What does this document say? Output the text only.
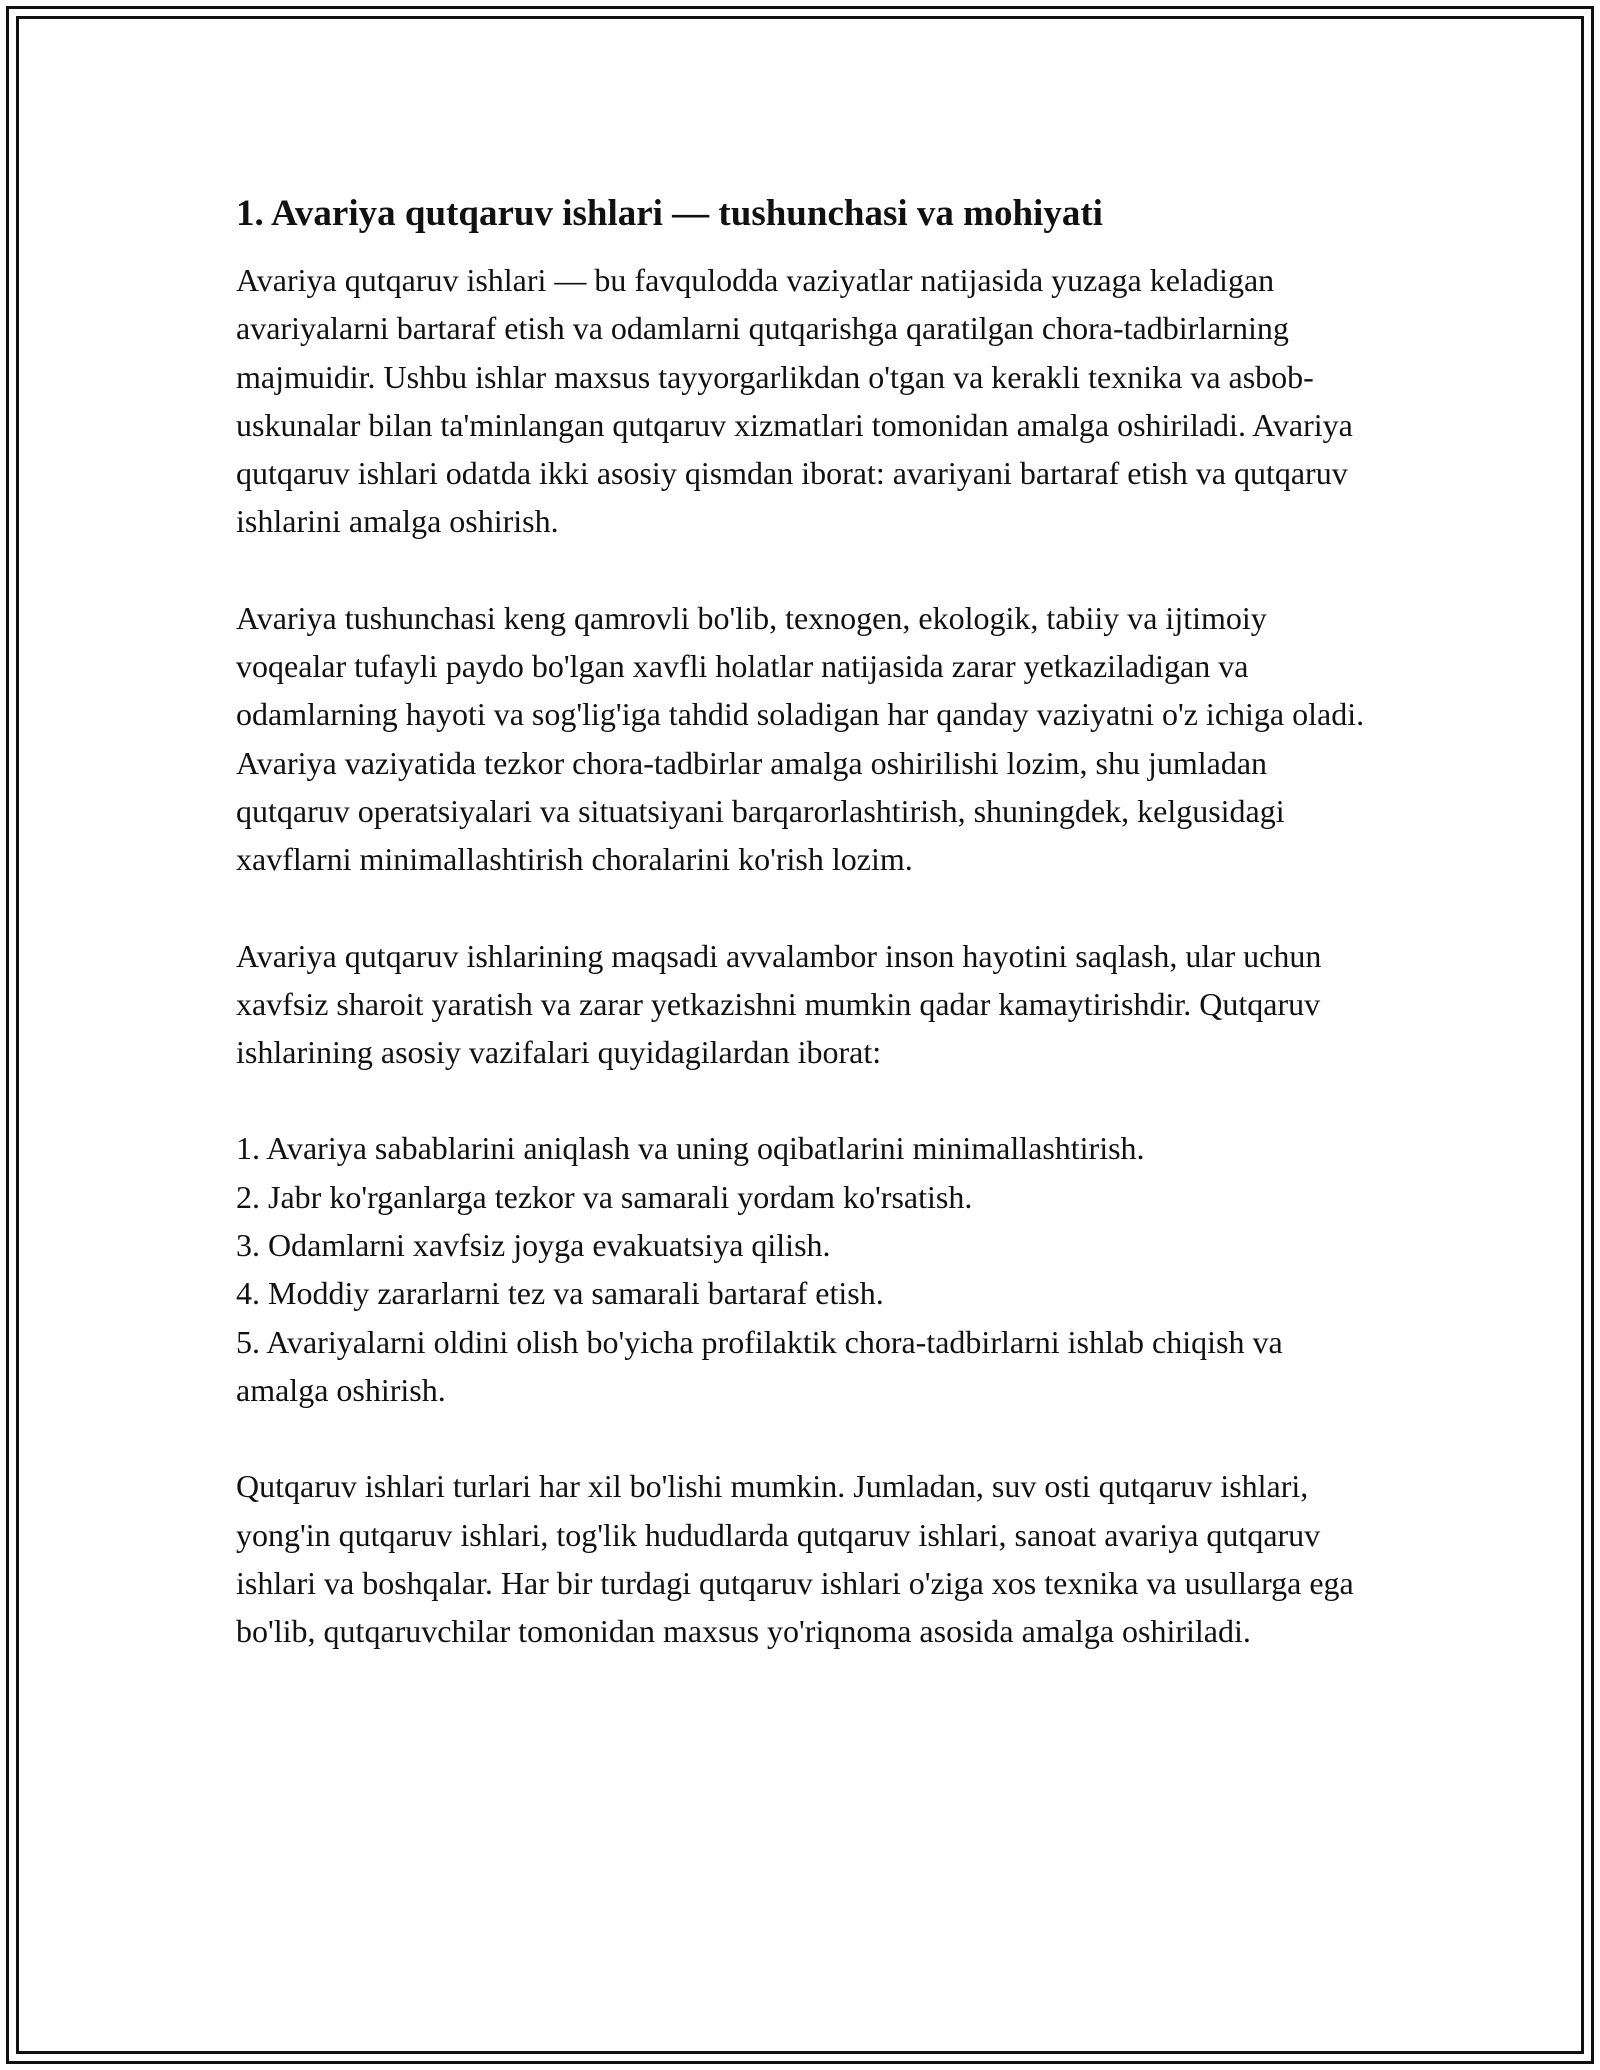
1. Avariya qutqaruv ishlari — tushunchasi va mohiyati

Avariya qutqaruv ishlari — bu favqulodda vaziyatlar natijasida yuzaga keladigan avariyalarni bartaraf etish va odamlarni qutqarishga qaratilgan chora-tadbirlarning majmuidir. Ushbu ishlar maxsus tayyorgarlikdan o'tgan va kerakli texnika va asbob-uskunalar bilan ta'minlangan qutqaruv xizmatlari tomonidan amalga oshiriladi. Avariya qutqaruv ishlari odatda ikki asosiy qismdan iborat: avariyani bartaraf etish va qutqaruv ishlarini amalga oshirish.

Avariya tushunchasi keng qamrovli bo'lib, texnogen, ekologik, tabiiy va ijtimoiy voqealar tufayli paydo bo'lgan xavfli holatlar natijasida zarar yetkaziladigan va odamlarning hayoti va sog'lig'iga tahdid soladigan har qanday vaziyatni o'z ichiga oladi. Avariya vaziyatida tezkor chora-tadbirlar amalga oshirilishi lozim, shu jumladan qutqaruv operatsiyalari va situatsiyani barqarorlashtirish, shuningdek, kelgusidagi xavflarni minimallashtirish choralarini ko'rish lozim.

Avariya qutqaruv ishlarining maqsadi avvalambor inson hayotini saqlash, ular uchun xavfsiz sharoit yaratish va zarar yetkazishni mumkin qadar kamaytirishdir. Qutqaruv ishlarining asosiy vazifalari quyidagilardan iborat:

1. Avariya sabablarini aniqlash va uning oqibatlarini minimallashtirish.
2. Jabr ko'rganlarga tezkor va samarali yordam ko'rsatish.
3. Odamlarni xavfsiz joyga evakuatsiya qilish.
4. Moddiy zararlarni tez va samarali bartaraf etish.
5. Avariyalarni oldini olish bo'yicha profilaktik chora-tadbirlarni ishlab chiqish va amalga oshirish.

Qutqaruv ishlari turlari har xil bo'lishi mumkin. Jumladan, suv osti qutqaruv ishlari, yong'in qutqaruv ishlari, tog'lik hududlarda qutqaruv ishlari, sanoat avariya qutqaruv ishlari va boshqalar. Har bir turdagi qutqaruv ishlari o'ziga xos texnika va usullarga ega bo'lib, qutqaruvchilar tomonidan maxsus yo'riqnoma asosida amalga oshiriladi.
